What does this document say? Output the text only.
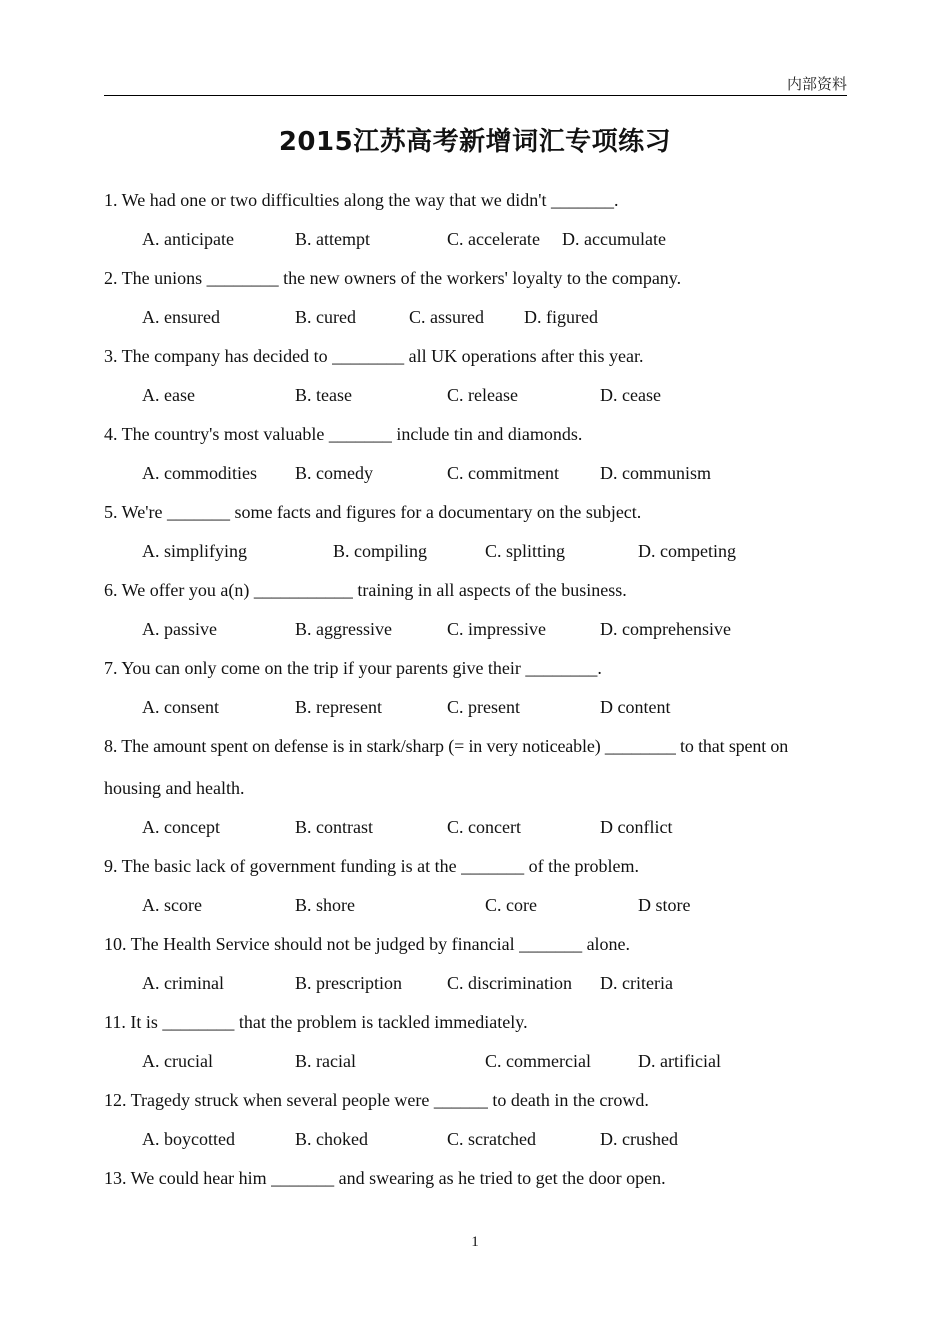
内部资料
2015江苏高考新增词汇专项练习
1. We had one or two difficulties along the way that we didn't _______.
A. anticipate	B. attempt	C. accelerate D. accumulate
2. The unions ________ the new owners of the workers' loyalty to the company.
A. ensured	B. cured	C. assured D. figured
3. The company has decided to ________ all UK operations after this year.
A. ease	B. tease	C. release	D. cease
4. The country's most valuable _______ include tin and diamonds.
A. commodities B. comedy	C. commitment D. communism
5. We're _______ some facts and figures for a documentary on the subject.
A. simplifying	B. compiling	C. splitting	D. competing
6. We offer you a(n) ___________ training in all aspects of the business.
A. passive	B. aggressive	C. impressive	D. comprehensive
7. You can only come on the trip if your parents give their ________.
A. consent	B. represent	C. present	D content
8. The amount spent on defense is in stark/sharp (= in very noticeable) ________ to that spent on
housing and health.
A. concept	B. contrast	C. concert	D conflict
9. The basic lack of government funding is at the _______ of the problem.
A. score	B. shore	C. core	D store
10. The Health Service should not be judged by financial _______ alone.
A. criminal	B. prescription	C. discrimination D. criteria
11. It is ________ that the problem is tackled immediately.
A. crucial	B. racial	C. commercial	D. artificial
12. Tragedy struck when several people were ______ to death in the crowd.
A. boycotted	B. choked	C. scratched	D. crushed
13. We could hear him _______ and swearing as he tried to get the door open.
1
